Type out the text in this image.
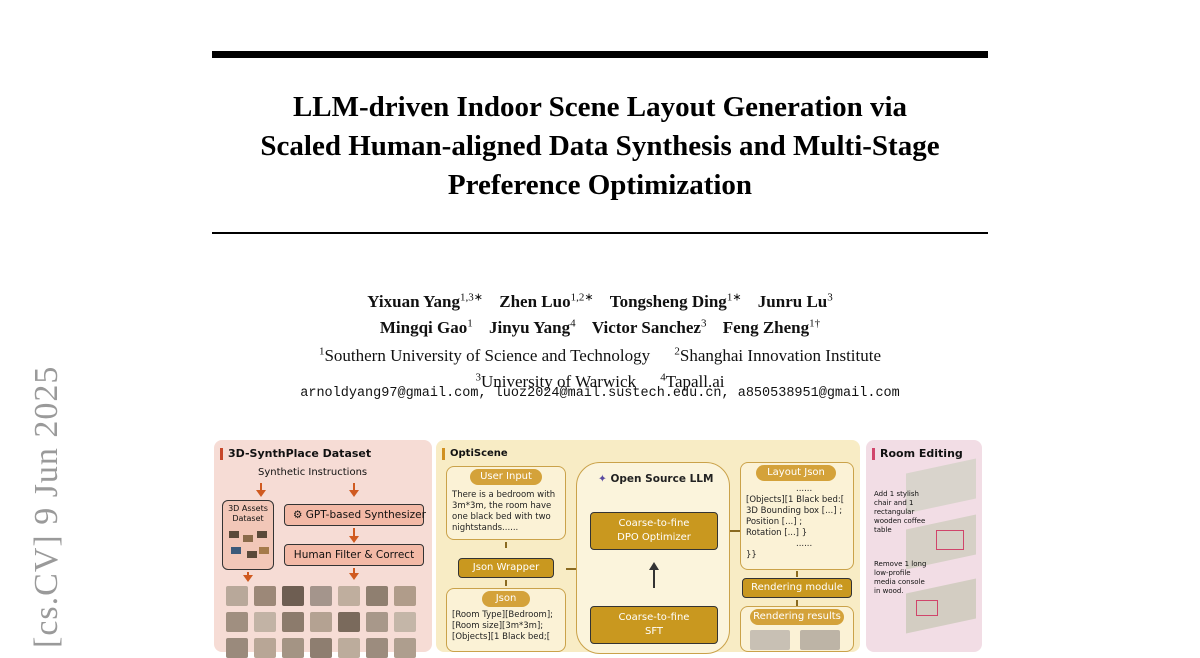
LLM-driven Indoor Scene Layout Generation via
Scaled Human-aligned Data Synthesis and Multi-Stage
Preference Optimization
Yixuan Yang$^{1,3∗}$ Zhen Luo$^{1,2∗}$ Tongsheng Ding$^{1∗}$ Junru Lu$^3$
Mingqi Gao$^1$ Jinyu Yang$^4$ Victor Sanchez$^3$ Feng Zheng$^{1\dagger}$
$^1$Southern University of Science and Technology $^2$Shanghai Innovation Institute
$^3$University of Warwick $^4$Tapall.ai
arnoldyang97@gmail.com, luoz2024@mail.sustech.edu.cn, a850538951@gmail.com
[cs.CV] 9 Jun 2025	3D-SynthPlace Dataset
Synthetic Instructions
3D Assets Dataset	⚙ GPT-based Synthesizer
Human Filter & Correct
OptiScene
User Input
There is a bedroom with
3m*3m, the room have
one black bed with two
nightstands......
Json Wrapper
Json
[Room Type][Bedroom];
[Room size][3m*3m];
[Objects][1 Black bed;[
✦ Open Source LLM
Coarse-to-fine
DPO Optimizer
Coarse-to-fine
SFT
Layout Json
......
[Objects][1 Black bed:[
3D Bounding box [...] ;
Position [...] ;
Rotation [...] }
......
}}
Rendering module
Rendering results
Room Editing
Add 1 stylish
chair and 1
rectangular
wooden coffee
table
Remove 1 long
low-profile
media console
in wood.
